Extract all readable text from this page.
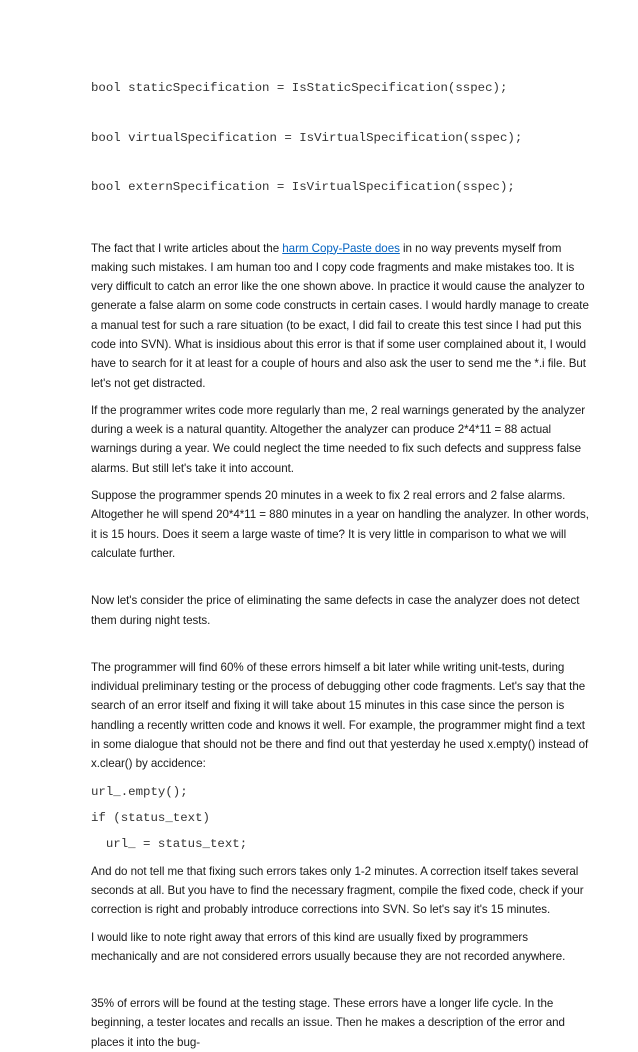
bool staticSpecification = IsStaticSpecification(sspec);

bool virtualSpecification = IsVirtualSpecification(sspec);

bool externSpecification = IsVirtualSpecification(sspec);

The fact that I write articles about the harm Copy-Paste does in no way prevents myself from making such mistakes. I am human too and I copy code fragments and make mistakes too. It is very difficult to catch an error like the one shown above. In practice it would cause the analyzer to generate a false alarm on some code constructs in certain cases. I would hardly manage to create a manual test for such a rare situation (to be exact, I did fail to create this test since I had put this code into SVN). What is insidious about this error is that if some user complained about it, I would have to search for it at least for a couple of hours and also ask the user to send me the *.i file. But let's not get distracted.

If the programmer writes code more regularly than me, 2 real warnings generated by the analyzer during a week is a natural quantity. Altogether the analyzer can produce 2*4*11 = 88 actual warnings during a year. We could neglect the time needed to fix such defects and suppress false alarms. But still let's take it into account.

Suppose the programmer spends 20 minutes in a week to fix 2 real errors and 2 false alarms. Altogether he will spend 20*4*11 = 880 minutes in a year on handling the analyzer. In other words, it is 15 hours. Does it seem a large waste of time? It is very little in comparison to what we will calculate further.

Now let's consider the price of eliminating the same defects in case the analyzer does not detect them during night tests.

The programmer will find 60% of these errors himself a bit later while writing unit-tests, during individual preliminary testing or the process of debugging other code fragments. Let's say that the search of an error itself and fixing it will take about 15 minutes in this case since the person is handling a recently written code and knows it well. For example, the programmer might find a text in some dialogue that should not be there and find out that yesterday he used x.empty() instead of x.clear() by accidence:

url_.empty();
if (status_text)
url_ = status_text;

And do not tell me that fixing such errors takes only 1-2 minutes. A correction itself takes several seconds at all. But you have to find the necessary fragment, compile the fixed code, check if your correction is right and probably introduce corrections into SVN. So let's say it's 15 minutes.

I would like to note right away that errors of this kind are usually fixed by programmers mechanically and are not considered errors usually because they are not recorded anywhere.

35% of errors will be found at the testing stage. These errors have a longer life cycle. In the beginning, a tester locates and recalls an issue. Then he makes a description of the error and places it into the bug-
